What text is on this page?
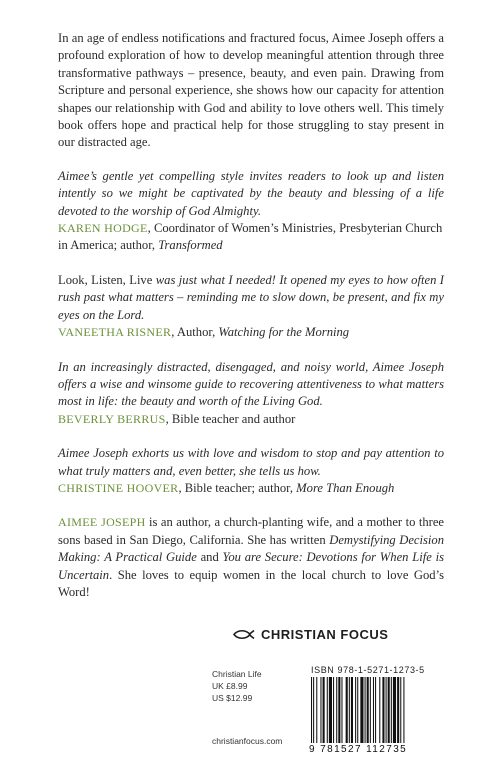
In an age of endless notifications and fractured focus, Aimee Joseph offers a profound exploration of how to develop meaningful attention through three transformative pathways – presence, beauty, and even pain. Drawing from Scripture and personal experience, she shows how our capacity for attention shapes our relationship with God and ability to love others well. This timely book offers hope and practical help for those struggling to stay present in our distracted age.

Aimee’s gentle yet compelling style invites readers to look up and listen intently so we might be captivated by the beauty and blessing of a life devoted to the worship of God Almighty.
KAREN HODGE, Coordinator of Women’s Ministries, Presbyterian Church in America; author, Transformed

Look, Listen, Live was just what I needed! It opened my eyes to how often I rush past what matters – reminding me to slow down, be present, and fix my eyes on the Lord.
VANEETHA RISNER, Author, Watching for the Morning

In an increasingly distracted, disengaged, and noisy world, Aimee Joseph offers a wise and winsome guide to recovering attentiveness to what matters most in life: the beauty and worth of the Living God.
BEVERLY BERRUS, Bible teacher and author

Aimee Joseph exhorts us with love and wisdom to stop and pay attention to what truly matters and, even better, she tells us how.
CHRISTINE HOOVER, Bible teacher; author, More Than Enough

AIMEE JOSEPH is an author, a church-planting wife, and a mother to three sons based in San Diego, California. She has written Demystifying Decision Making: A Practical Guide and You are Secure: Devotions for When Life is Uncertain. She loves to equip women in the local church to love God’s Word!

CHRISTIAN FOCUS
Christian Life
UK £8.99
US $12.99
christianfocus.com
ISBN 978-1-5271-1273-5
9 781527 112735
